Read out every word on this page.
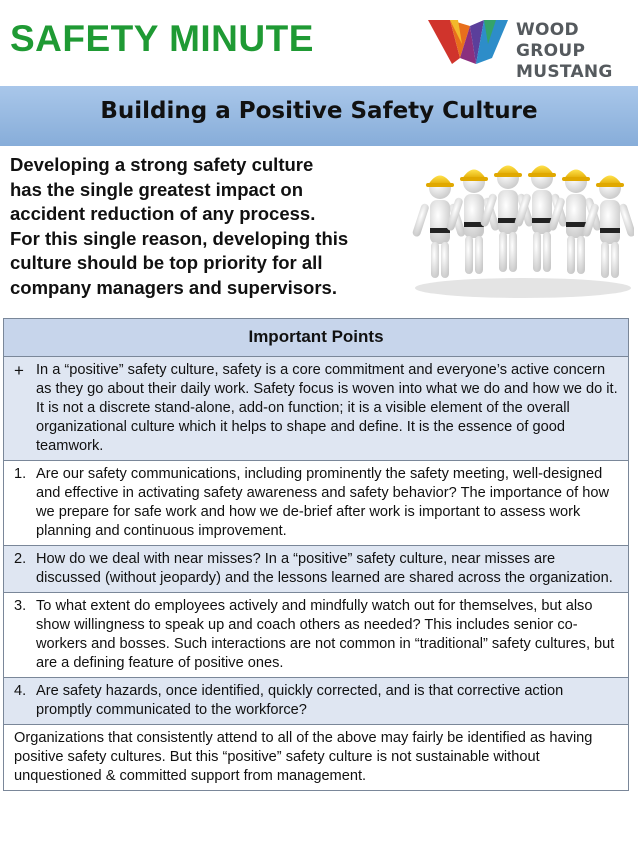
SAFETY MINUTE	WOOD GROUP
MUSTANG
Building a Positive Safety Culture
Developing a strong safety culture
has the single greatest impact on
accident reduction of any process.
For this single reason, developing this
culture should be top priority for all
company managers and supervisors.
Important Points
+ In a “positive” safety culture, safety is a core commitment and everyone’s active concern as they go about their daily work. Safety focus is woven into what we do and how we do it. It is not a discrete stand-alone, add-on function; it is a visible element of the overall organizational culture which it helps to shape and define. It is the essence of good teamwork.
1. Are our safety communications, including prominently the safety meeting, well-designed and effective in activating safety awareness and safety behavior? The importance of how we prepare for safe work and how we de-brief after work is important to assess work planning and continuous improvement.
2. How do we deal with near misses? In a “positive” safety culture, near misses are discussed (without jeopardy) and the lessons learned are shared across the organization.
3. To what extent do employees actively and mindfully watch out for themselves, but also show willingness to speak up and coach others as needed? This includes senior co-workers and bosses. Such interactions are not common in “traditional” safety cultures, but are a defining feature of positive ones.
4. Are safety hazards, once identified, quickly corrected, and is that corrective action promptly communicated to the workforce?
Organizations that consistently attend to all of the above may fairly be identified as having positive safety cultures. But this “positive” safety culture is not sustainable without unquestioned & committed support from management.
